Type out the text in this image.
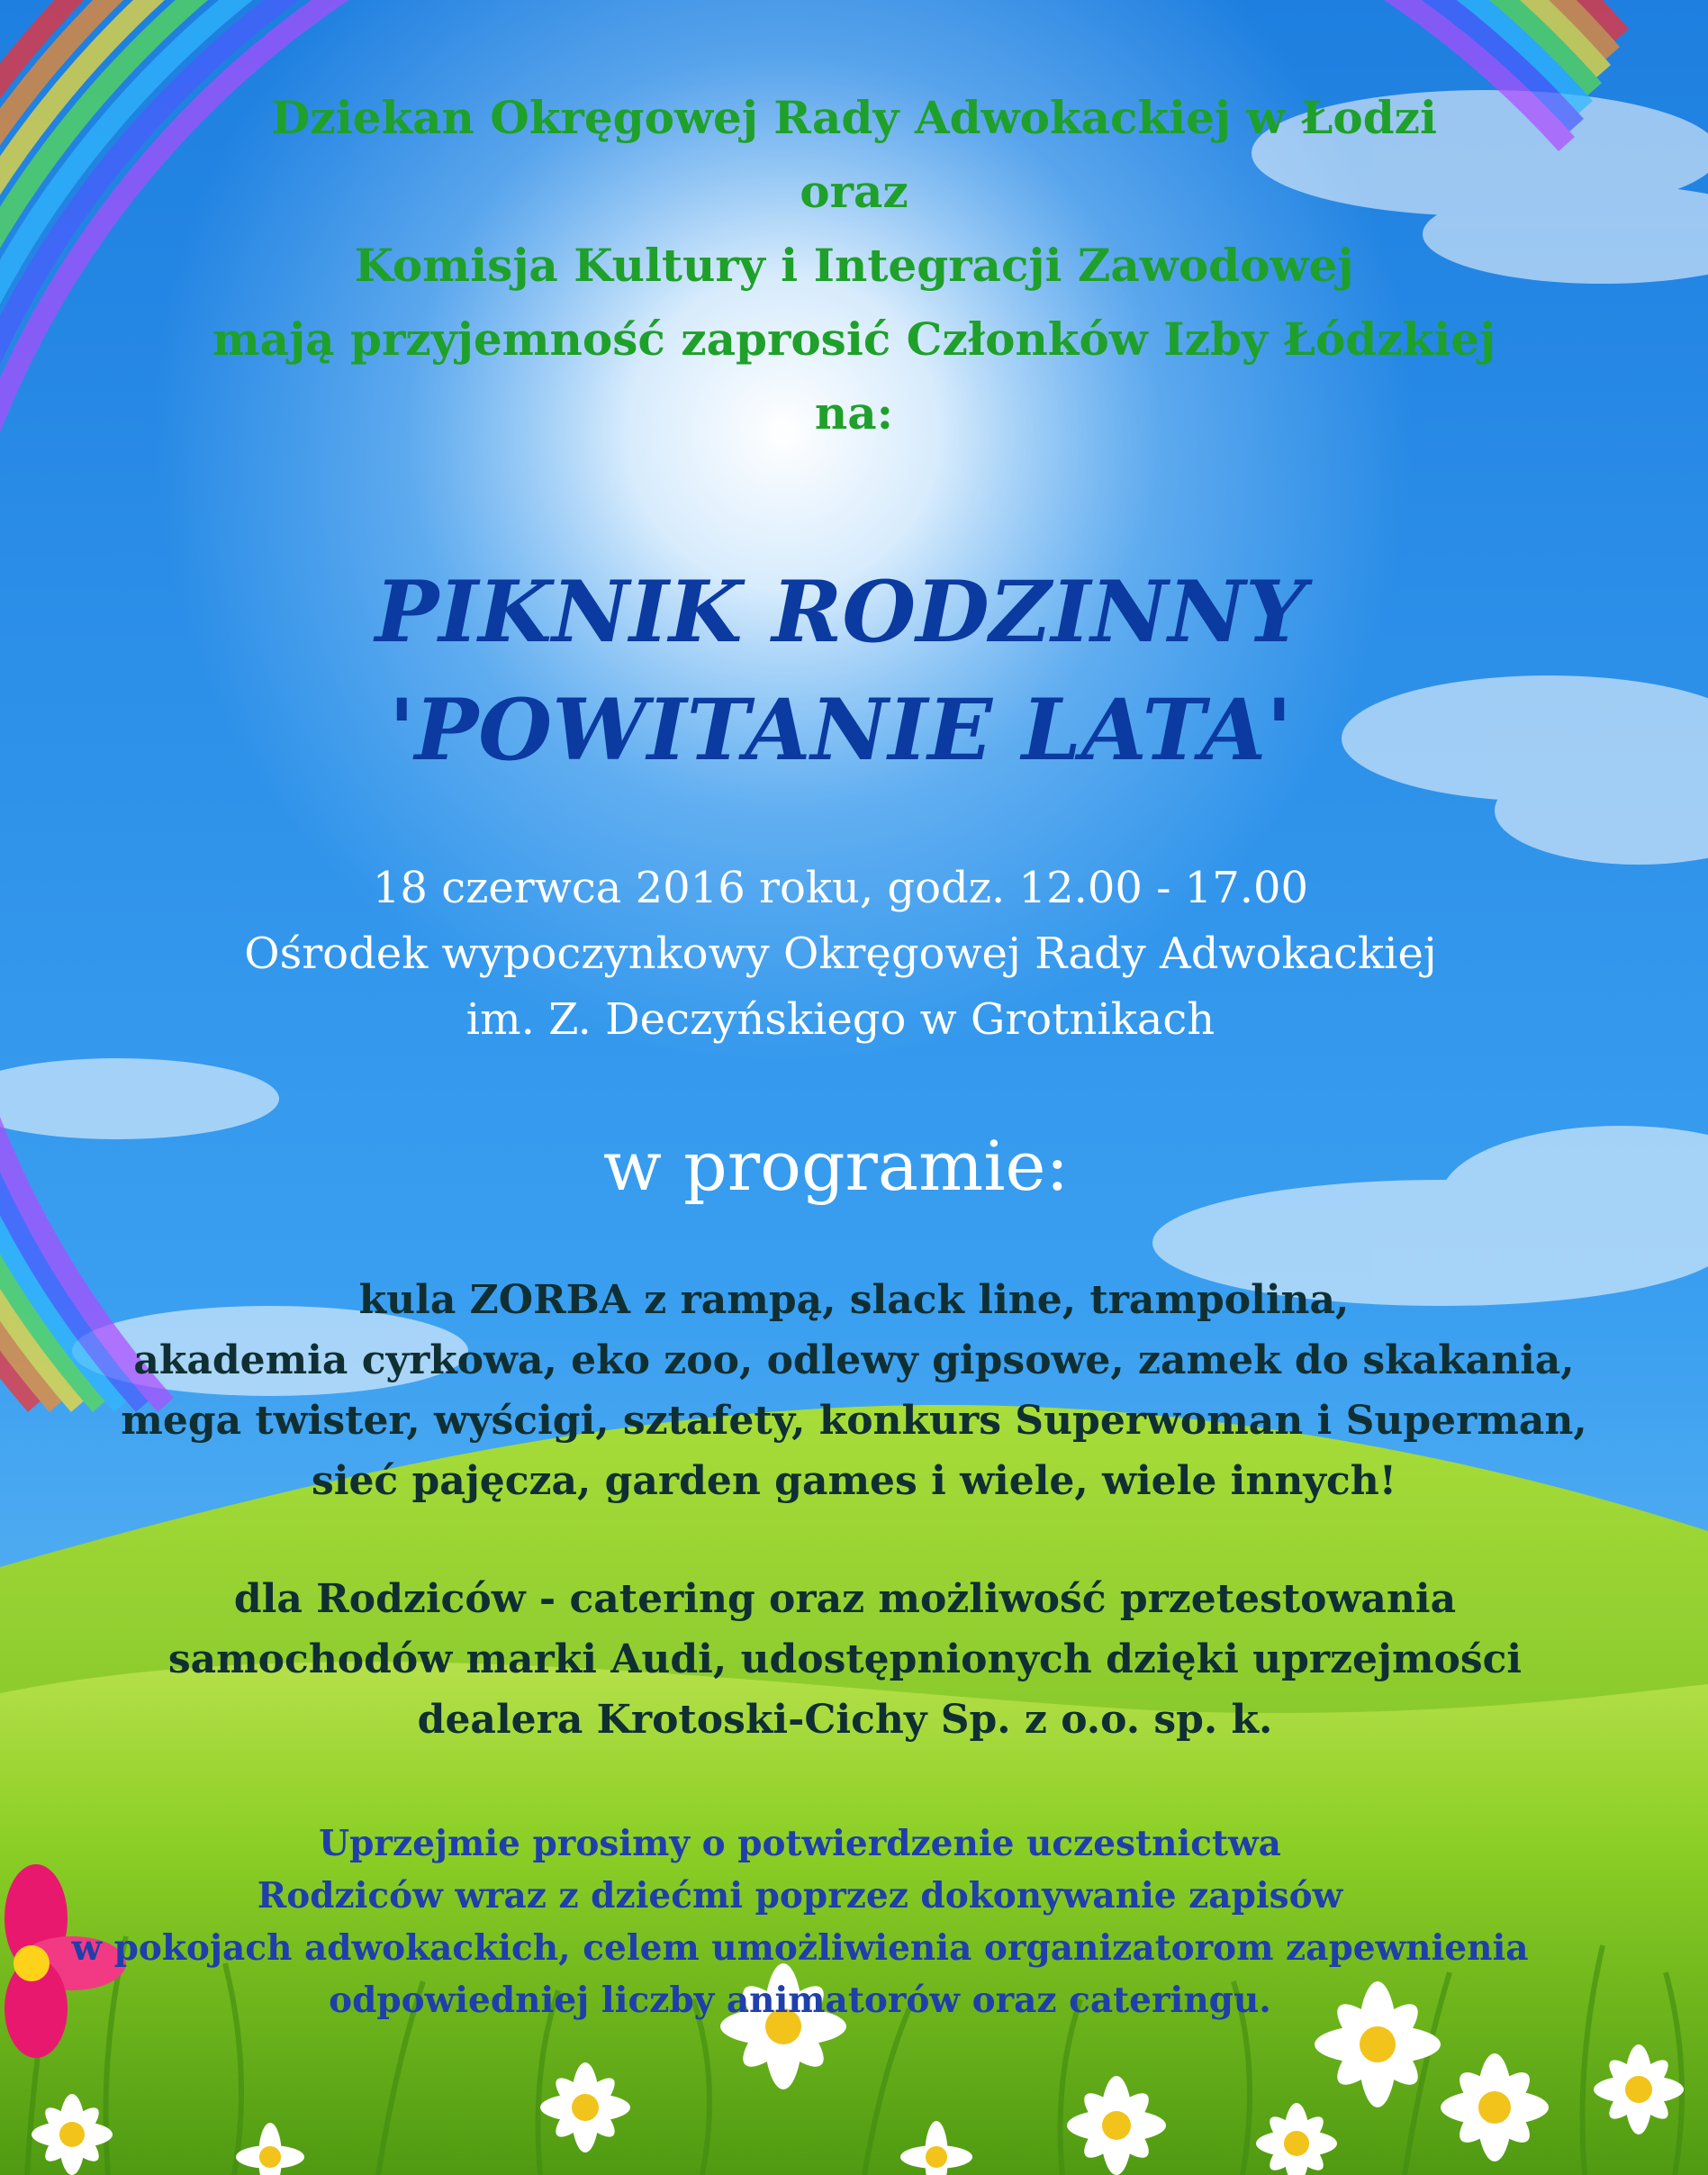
Dziekan Okręgowej Rady Adwokackiej w Łodzi
oraz
Komisja Kultury i Integracji Zawodowej
mają przyjemność zaprosić Członków Izby Łódzkiej
na:
PIKNIK RODZINNY
'POWITANIE LATA'
18 czerwca 2016 roku, godz. 12.00 - 17.00
Ośrodek wypoczynkowy Okręgowej Rady Adwokackiej
im. Z. Deczyńskiego w Grotnikach
w programie:
kula ZORBA z rampą, slack line, trampolina,
akademia cyrkowa, eko zoo, odlewy gipsowe, zamek do skakania,
mega twister, wyścigi, sztafety, konkurs Superwoman i Superman,
sieć pajęcza, garden games i wiele, wiele innych!
dla Rodziców - catering oraz możliwość przetestowania
samochodów marki Audi, udostępnionych dzięki uprzejmości
dealera Krotoski-Cichy Sp. z o.o. sp. k.
Uprzejmie prosimy o potwierdzenie uczestnictwa
Rodziców wraz z dziećmi poprzez dokonywanie zapisów
w pokojach adwokackich, celem umożliwienia organizatorom zapewnienia
odpowiedniej liczby animatorów oraz cateringu.
